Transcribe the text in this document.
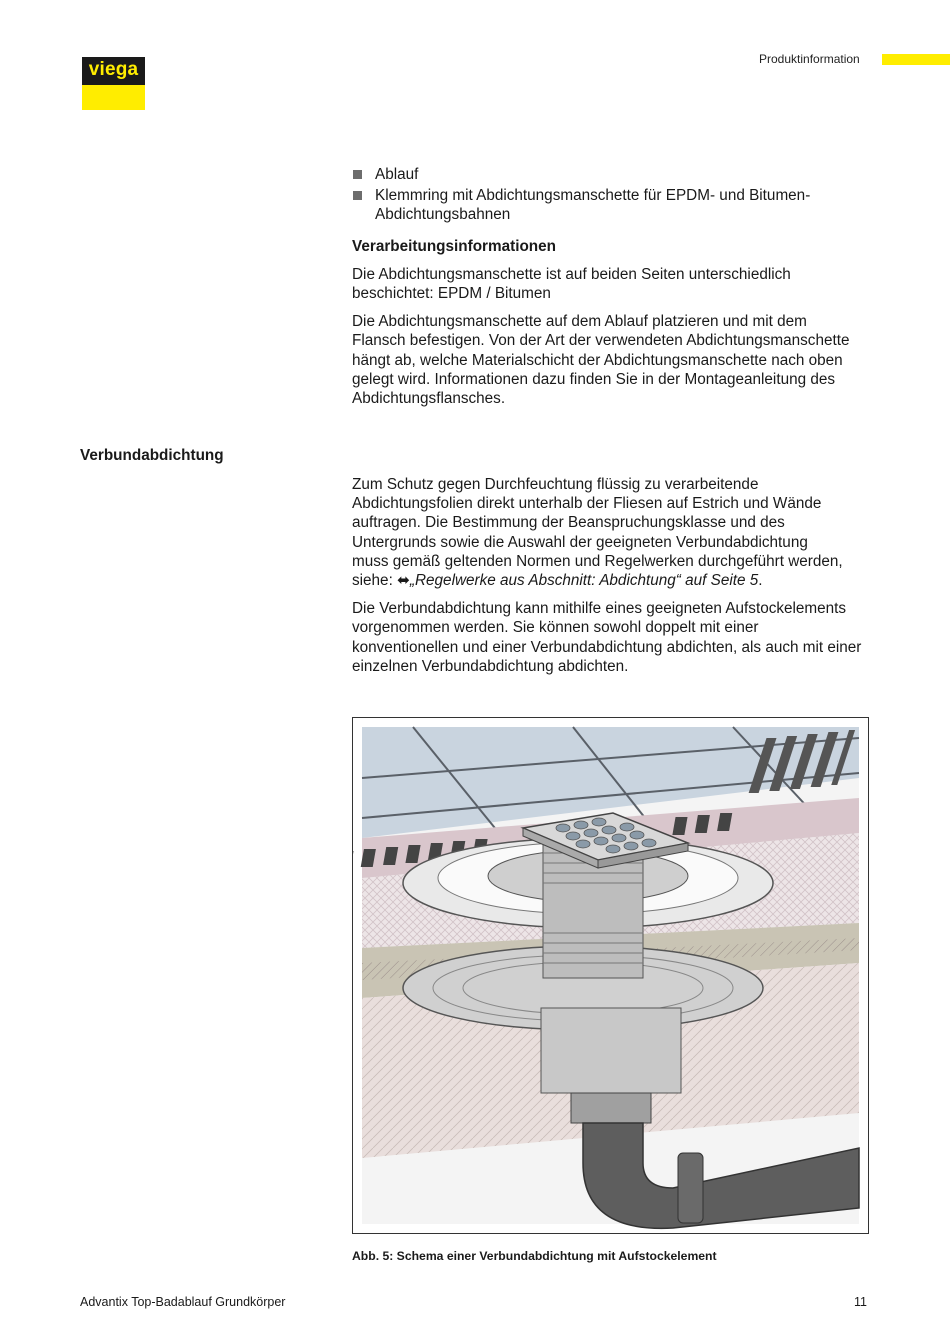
viega	Produktinformation
Ablauf
Klemmring mit Abdichtungsmanschette für EPDM- und Bitumen-Abdichtungsbahnen

Verarbeitungsinformationen

Die Abdichtungsmanschette ist auf beiden Seiten unterschiedlich beschichtet: EPDM / Bitumen

Die Abdichtungsmanschette auf dem Ablauf platzieren und mit dem Flansch befestigen. Von der Art der verwendeten Abdichtungsmanschette hängt ab, welche Materialschicht der Abdichtungsmanschette nach oben gelegt wird. Informationen dazu finden Sie in der Montageanleitung des Abdichtungsflansches.

Verbundabdichtung

Zum Schutz gegen Durchfeuchtung flüssig zu verarbeitende Abdichtungsfolien direkt unterhalb der Fliesen auf Estrich und Wände auftragen. Die Bestimmung der Beanspruchungsklasse und des Untergrunds sowie die Auswahl der geeigneten Verbundabdichtung muss gemäß geltenden Normen und Regelwerken durchgeführt werden, siehe: ⬌„Regelwerke aus Abschnitt: Abdichtung“ auf Seite 5.

Die Verbundabdichtung kann mithilfe eines geeigneten Aufstockelements vorgenommen werden. Sie können sowohl doppelt mit einer konventionellen und einer Verbundabdichtung abdichten, als auch mit einer einzelnen Verbundabdichtung abdichten.

Abb. 5: Schema einer Verbundabdichtung mit Aufstockelement
Advantix Top-Badablauf Grundkörper	11
